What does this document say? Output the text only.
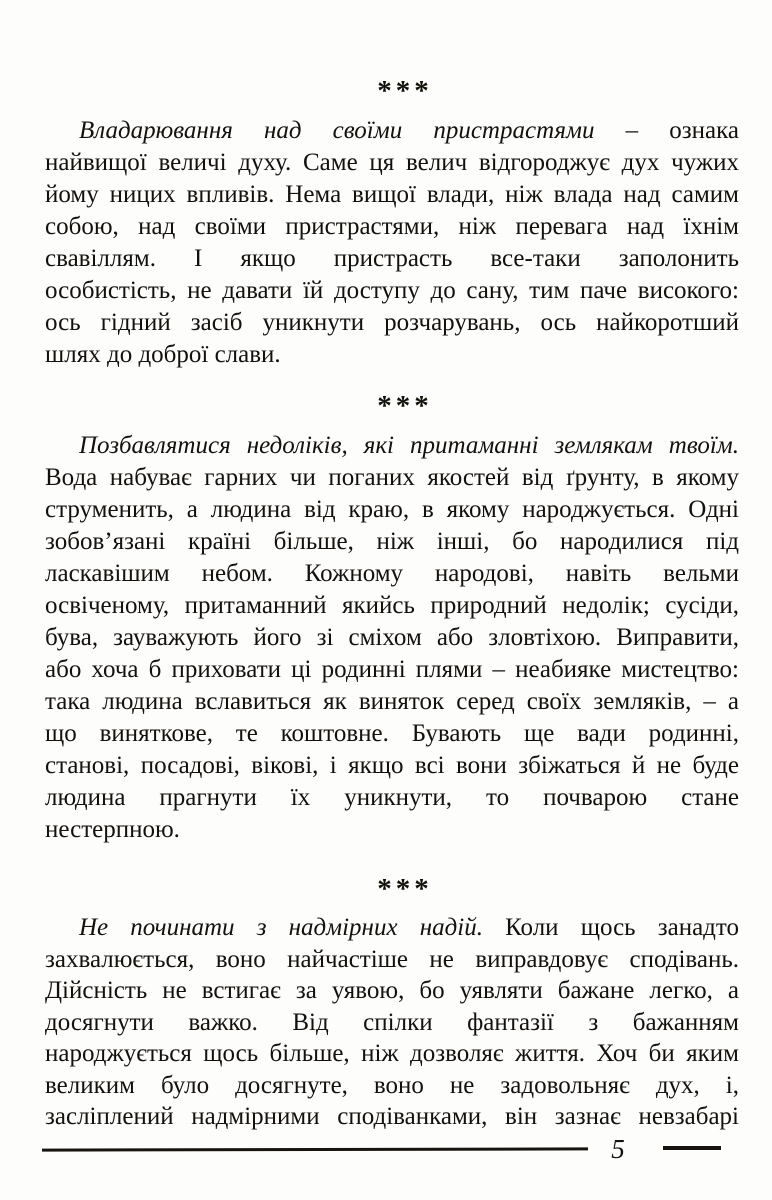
***
Владарювання над своїми пристрастями – ознака
найвищої величі духу. Саме ця велич відгороджує дух чужих
йому ницих впливів. Нема вищої влади, ніж влада над самим
собою, над своїми пристрастями, ніж перевага над їхнім
свавіллям. І якщо пристрасть все-таки заполонить
особистість, не давати їй доступу до сану, тим паче високого:
ось гідний засіб уникнути розчарувань, ось найкоротший
шлях до доброї слави.
***
Позбавлятися недоліків, які притаманні землякам твоїм.
Вода набуває гарних чи поганих якостей від ґрунту, в якому
струменить, а людина від краю, в якому народжується. Одні
зобов’язані країні більше, ніж інші, бо народилися під
ласкавішим небом. Кожному народові, навіть вельми
освіченому, притаманний якийсь природний недолік; сусіди,
бува, зауважують його зі сміхом або зловтіхою. Виправити,
або хоча б приховати ці родинні плями – неабияке мистецтво:
така людина вславиться як виняток серед своїх земляків, – а
що виняткове, те коштовне. Бувають ще вади родинні,
станові, посадові, вікові, і якщо всі вони збіжаться й не буде
людина прагнути їх уникнути, то почварою стане
нестерпною.
***
Не починати з надмірних надій. Коли щось занадто
захвалюється, воно найчастіше не виправдовує сподівань.
Дійсність не встигає за уявою, бо уявляти бажане легко, а
досягнути важко. Від спілки фантазії з бажанням
народжується щось більше, ніж дозволяє життя. Хоч би яким
великим було досягнуте, воно не задовольняє дух, і,
засліплений надмірними сподіванками, він зазнає невзабарі
5
